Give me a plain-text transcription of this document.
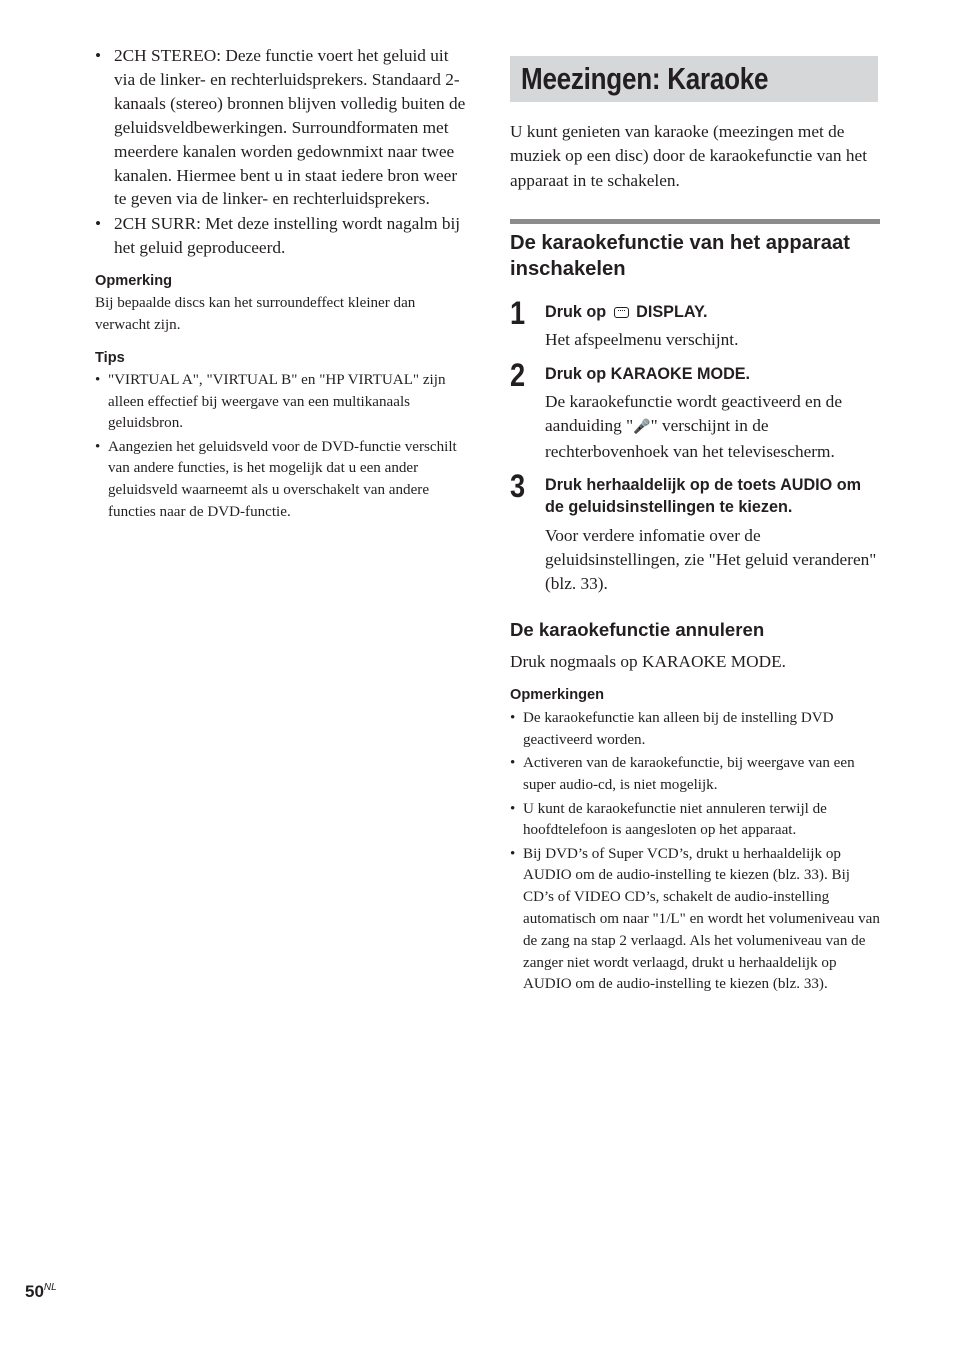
• 2CH STEREO: Deze functie voert het geluid uit via de linker- en rechterluidsprekers. Standaard 2-kanaals (stereo) bronnen blijven volledig buiten de geluidsveldbewerkingen. Surroundformaten met meerdere kanalen worden gedownmixt naar twee kanalen. Hiermee bent u in staat iedere bron weer te geven via de linker- en rechterluidsprekers.
• 2CH SURR: Met deze instelling wordt nagalm bij het geluid geproduceerd.
Opmerking
Bij bepaalde discs kan het surroundeffect kleiner dan verwacht zijn.
Tips
• "VIRTUAL A", "VIRTUAL B" en "HP VIRTUAL" zijn alleen effectief bij weergave van een multikanaals geluidsbron.
• Aangezien het geluidsveld voor de DVD-functie verschilt van andere functies, is het mogelijk dat u een ander geluidsveld waarneemt als u overschakelt van andere functies naar de DVD-functie.
Meezingen: Karaoke
U kunt genieten van karaoke (meezingen met de muziek op een disc) door de karaokefunctie van het apparaat in te schakelen.
De karaokefunctie van het apparaat inschakelen
1 Druk op DISPLAY.
Het afspeelmenu verschijnt.
2 Druk op KARAOKE MODE.
De karaokefunctie wordt geactiveerd en de aanduiding "🎤" verschijnt in de rechterbovenhoek van het televisescherm.
3 Druk herhaaldelijk op de toets AUDIO om de geluidsinstellingen te kiezen.
Voor verdere infomatie over de geluidsinstellingen, zie "Het geluid veranderen" (blz. 33).
De karaokefunctie annuleren
Druk nogmaals op KARAOKE MODE.
Opmerkingen
• De karaokefunctie kan alleen bij de instelling DVD geactiveerd worden.
• Activeren van de karaokefunctie, bij weergave van een super audio-cd, is niet mogelijk.
• U kunt de karaokefunctie niet annuleren terwijl de hoofdtelefoon is aangesloten op het apparaat.
• Bij DVD’s of Super VCD’s, drukt u herhaaldelijk op AUDIO om de audio-instelling te kiezen (blz. 33). Bij CD’s of VIDEO CD’s, schakelt de audio-instelling automatisch om naar "1/L" en wordt het volumeniveau van de zang na stap 2 verlaagd. Als het volumeniveau van de zanger niet wordt verlaagd, drukt u herhaaldelijk op AUDIO om de audio-instelling te kiezen (blz. 33).
$50^{NL}$
